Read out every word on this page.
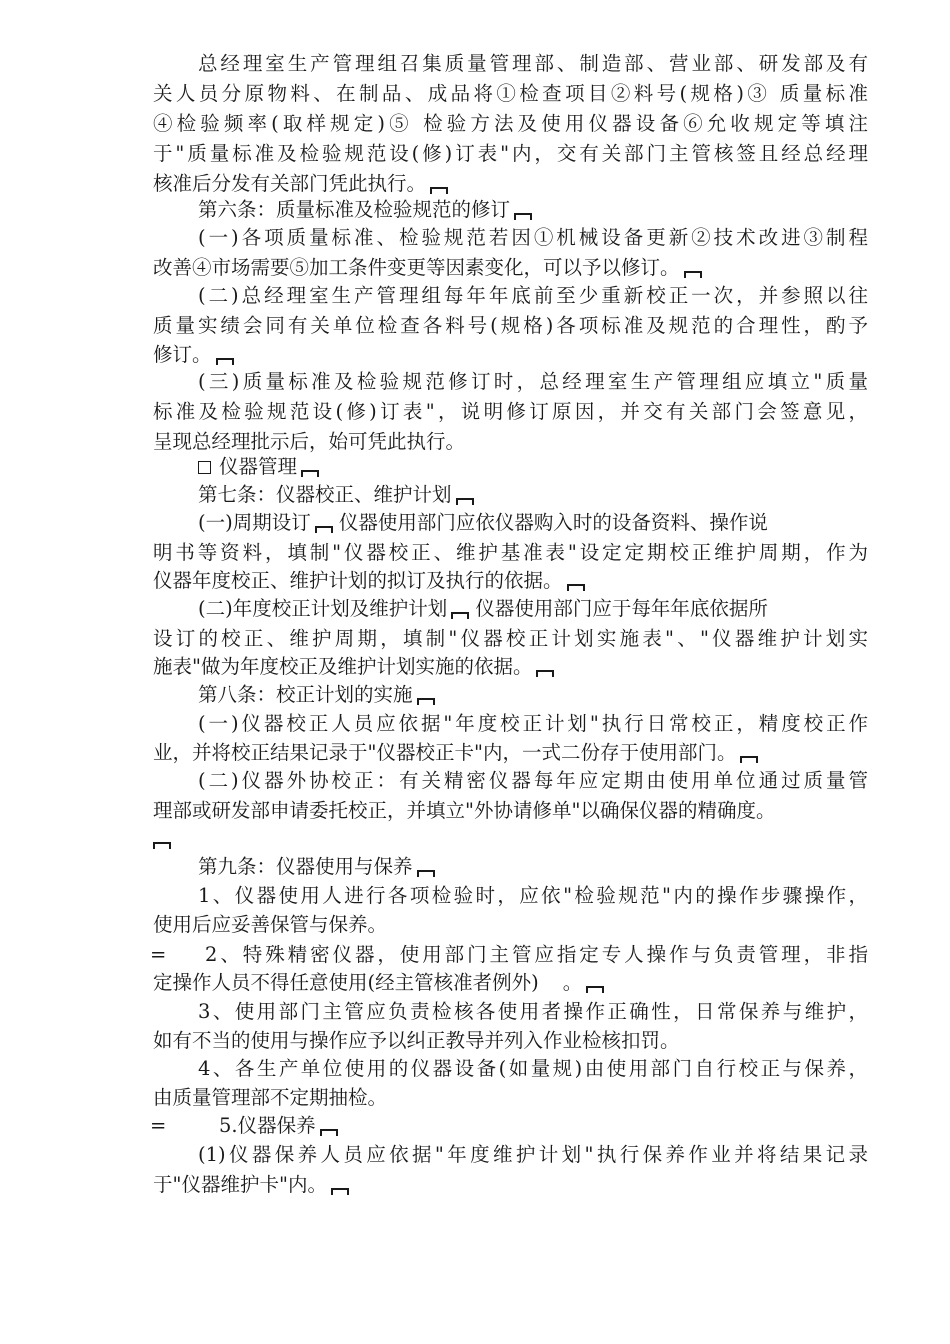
总经理室生产管理组召集质量管理部、制造部、营业部、研发部及有
关人员分原物料、在制品、成品将①检查项目②料号(规格)③ 质量标准
④检验频率(取样规定)⑤ 检验方法及使用仪器设备⑥允收规定等填注
于"质量标准及检验规范设(修)订表"内，交有关部门主管核签且经总经理
核准后分发有关部门凭此执行。
第六条：质量标准及检验规范的修订
(一)各项质量标准、检验规范若因①机械设备更新②技术改进③制程
改善④市场需要⑤加工条件变更等因素变化，可以予以修订。
(二)总经理室生产管理组每年年底前至少重新校正一次，并参照以往
质量实绩会同有关单位检查各料号(规格)各项标准及规范的合理性，酌予
修订。
(三)质量标准及检验规范修订时，总经理室生产管理组应填立"质量
标准及检验规范设(修)订表"，说明修订原因，并交有关部门会签意见，
呈现总经理批示后，始可凭此执行。
仪器管理
第七条：仪器校正、维护计划
(一)周期设订 仪器使用部门应依仪器购入时的设备资料、操作说
明书等资料，填制"仪器校正、维护基准表"设定定期校正维护周期，作为
仪器年度校正、维护计划的拟订及执行的依据。
(二)年度校正计划及维护计划 仪器使用部门应于每年年底依据所
设订的校正、维护周期，填制"仪器校正计划实施表"、"仪器维护计划实
施表"做为年度校正及维护计划实施的依据。
第八条：校正计划的实施
(一)仪器校正人员应依据"年度校正计划"执行日常校正，精度校正作
业，并将校正结果记录于"仪器校正卡"内，一式二份存于使用部门。
(二)仪器外协校正：有关精密仪器每年应定期由使用单位通过质量管
理部或研发部申请委托校正，并填立"外协请修单"以确保仪器的精确度。
第九条：仪器使用与保养
1、仪器使用人进行各项检验时，应依"检验规范"内的操作步骤操作，
使用后应妥善保管与保养。
= 2、特殊精密仪器，使用部门主管应指定专人操作与负责管理，非指
定操作人员不得任意使用(经主管核准者例外) 。
3、使用部门主管应负责检核各使用者操作正确性，日常保养与维护，
如有不当的使用与操作应予以纠正教导并列入作业检核扣罚。
4、各生产单位使用的仪器设备(如量规)由使用部门自行校正与保养，
由质量管理部不定期抽检。
=	5.仪器保养
(1)仪器保养人员应依据"年度维护计划"执行保养作业并将结果记录
于"仪器维护卡"内。
